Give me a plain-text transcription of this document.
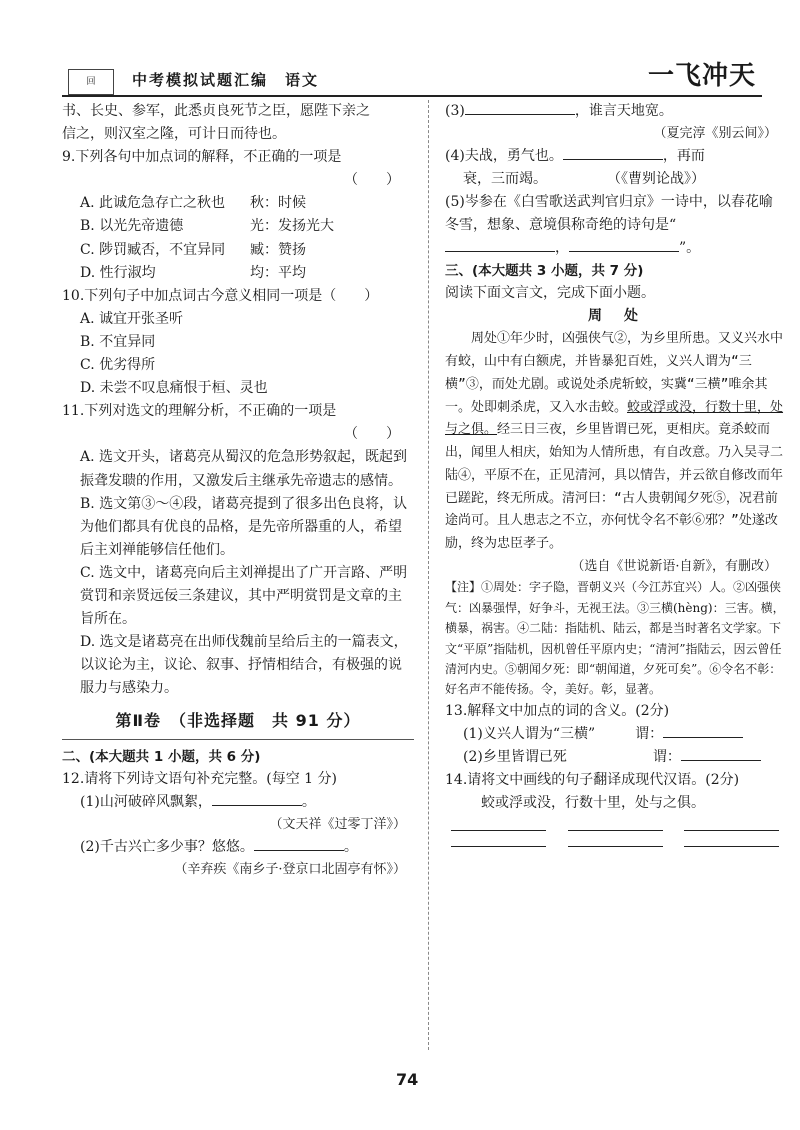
回	中考模拟试题汇编　语文	一飞冲天

书、长史、参军，此悉贞良死节之臣，愿陛下亲之

信之，则汉室之隆，可计日而待也。

9.下列各句中加点词的解释，不正确的一项是

（　　）

A. 此诚危急存亡之秋也	秋：时候
B. 以光先帝遗德	光：发扬光大
C. 陟罚臧否，不宜异同	臧：赞扬
D. 性行淑均	均：平均

10.下列句子中加点词古今意义相同一项是（　　）

A. 诚宜开张圣听

B. 不宜异同

C. 优劣得所

D. 未尝不叹息痛恨于桓、灵也

11.下列对选文的理解分析，不正确的一项是

（　　）

A. 选文开头，诸葛亮从蜀汉的危急形势叙起，既起到振聋发聩的作用，又激发后主继承先帝遗志的感情。

B. 选文第③～④段，诸葛亮提到了很多出色良将，认为他们都具有优良的品格，是先帝所器重的人，希望后主刘禅能够信任他们。

C. 选文中，诸葛亮向后主刘禅提出了广开言路、严明赏罚和亲贤远佞三条建议，其中严明赏罚是文章的主旨所在。

D. 选文是诸葛亮在出师伐魏前呈给后主的一篇表文，以议论为主，议论、叙事、抒情相结合，有极强的说服力与感染力。

第Ⅱ卷　（非选择题　共 91 分）

二、(本大题共 1 小题，共 6 分)

12.请将下列诗文语句补充完整。(每空 1 分)

(1)山河破碎风飘絮，	。

（文天祥《过零丁洋》）

(2)千古兴亡多少事？悠悠。	。

（辛弃疾《南乡子·登京口北固亭有怀》）

(3)	，谁言天地宽。

（夏完淳《别云间》）

(4)夫战，勇气也。	，再而

衰，三而竭。	（《曹刿论战》）

(5)岑参在《白雪歌送武判官归京》一诗中，以春花喻冬雪，想象、意境俱称奇绝的诗句是“，	”。

三、(本大题共 3 小题，共 7 分)

阅读下面文言文，完成下面小题。

周　处

周处①年少时，凶强侠气②，为乡里所患。又义兴水中有蛟，山中有白额虎，并皆暴犯百姓，义兴人谓为“三横”③，而处尤剧。或说处杀虎斩蛟，实冀“三横”唯余其一。处即刺杀虎，又入水击蛟。蛟或浮或没，行数十里，处与之俱。经三日三夜，乡里皆谓已死，更相庆。竟杀蛟而出，闻里人相庆，始知为人情所患，有自改意。乃入吴寻二陆④，平原不在，正见清河，具以情告，并云欲自修改而年已蹉跎，终无所成。清河曰：“古人贵朝闻夕死⑤，况君前途尚可。且人患志之不立，亦何忧令名不彰⑥邪？”处遂改励，终为忠臣孝子。

（选自《世说新语·自新》，有删改）

【注】①周处：字子隐，晋朝义兴（今江苏宜兴）人。②凶强侠气：凶暴强悍，好争斗，无视王法。③三横(hèng)：三害。横，横暴，祸害。④二陆：指陆机、陆云，都是当时著名文学家。下文“平原”指陆机，因机曾任平原内史；“清河”指陆云，因云曾任清河内史。⑤朝闻夕死：即“朝闻道，夕死可矣”。⑥令名不彰：好名声不能传扬。令，美好。彰，显著。

13.解释文中加点的词的含义。(2分)

(1)义兴人谓为“三横”	谓：

(2)乡里皆谓已死	谓：

14.请将文中画线的句子翻译成现代汉语。(2分)

蛟或浮或没，行数十里，处与之俱。

74
